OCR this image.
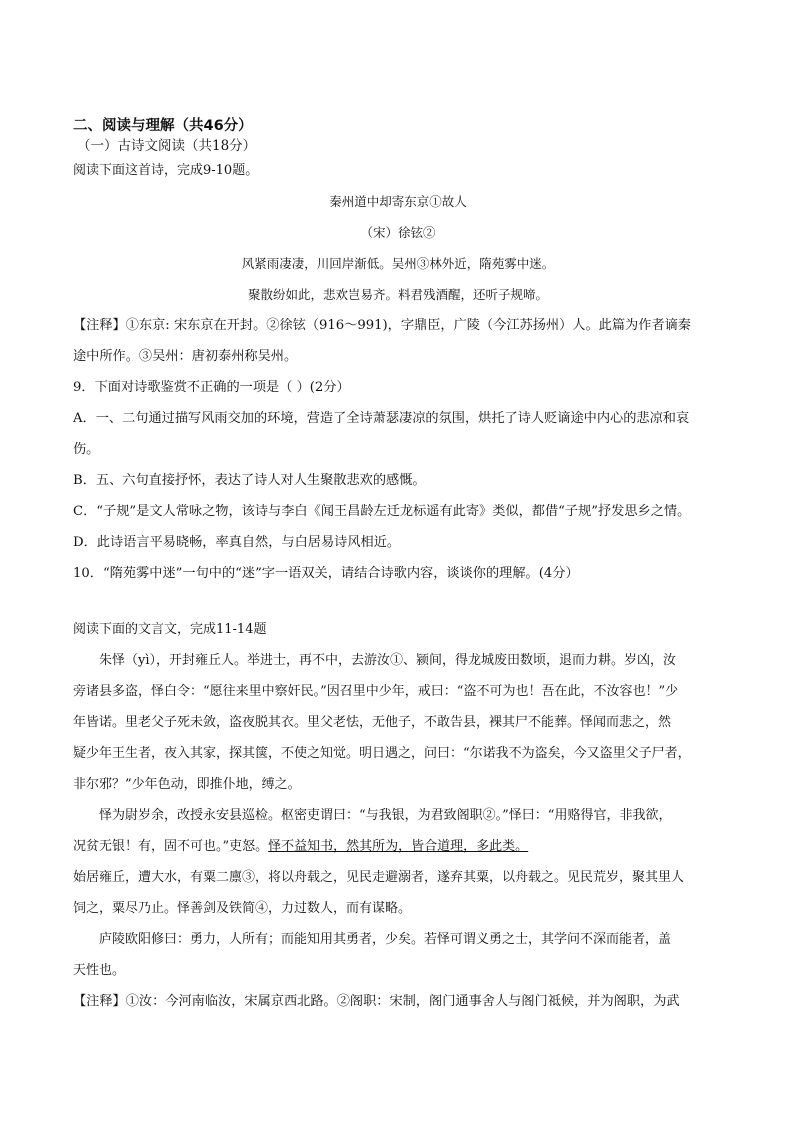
二、阅读与理解（共46分）
（一）古诗文阅读（共18分）
阅读下面这首诗，完成9-10题。
秦州道中却寄东京①故人
（宋）徐铉②
风紧雨凄凄，川回岸渐低。吴州③林外近，隋苑雾中迷。
聚散纷如此，悲欢岂易齐。料君残酒醒，还听子规啼。
【注释】①东京: 宋东京在开封。②徐铉（916～991)，字鼎臣，广陵（今江苏扬州）人。此篇为作者谪秦
途中所作。③吴州：唐初泰州称吴州。
9．下面对诗歌鉴赏不正确的一项是（ ）(2分）
A．一、二句通过描写风雨交加的环境，营造了全诗萧瑟凄凉的氛围，烘托了诗人贬谪途中内心的悲凉和哀
伤。
B．五、六句直接抒怀，表达了诗人对人生聚散悲欢的感慨。
C．“子规”是文人常咏之物，该诗与李白《闻王昌龄左迁龙标遥有此寄》类似，都借“子规”抒发思乡之情。
D．此诗语言平易晓畅，率真自然，与白居易诗风相近。
10．“隋苑雾中迷”一句中的“迷”字一语双关，请结合诗歌内容，谈谈你的理解。(4分）
阅读下面的文言文，完成11-14题
朱怿（yì），开封雍丘人。举进士，再不中，去游汝①、颍间，得龙城废田数顷，退而力耕。岁凶，汝
旁诸县多盗，怿白令：“愿往来里中察奸民。”因召里中少年，戒曰：“盗不可为也！吾在此，不汝容也！”少
年皆诺。里老父子死未敛，盗夜脱其衣。里父老怯，无他子，不敢告县，裸其尸不能葬。怿闻而悲之，然
疑少年王生者，夜入其家，探其箧，不使之知觉。明日遇之，问曰：“尔诺我不为盗矣，今又盗里父子尸者，
非尔邪？”少年色动，即推仆地，缚之。
怿为尉岁余，改授永安县巡检。枢密吏谓曰：“与我银，为君致阁职②。”怿曰：“用赂得官，非我欲，
况贫无银！有，固不可也。”吏怒。怿不益知书，然其所为，皆合道理，多此类。
始居雍丘，遭大水，有粟二廪③，将以舟载之，见民走避溺者，遂弃其粟，以舟载之。见民荒岁，聚其里人
饲之，粟尽乃止。怿善剑及铁简④，力过数人，而有谋略。
庐陵欧阳修曰：勇力，人所有；而能知用其勇者，少矣。若怿可谓义勇之士，其学问不深而能者，盖
天性也。
【注释】①汝：今河南临汝，宋属京西北路。②阁职：宋制，阁门通事舍人与阁门祗候，并为阁职，为武
